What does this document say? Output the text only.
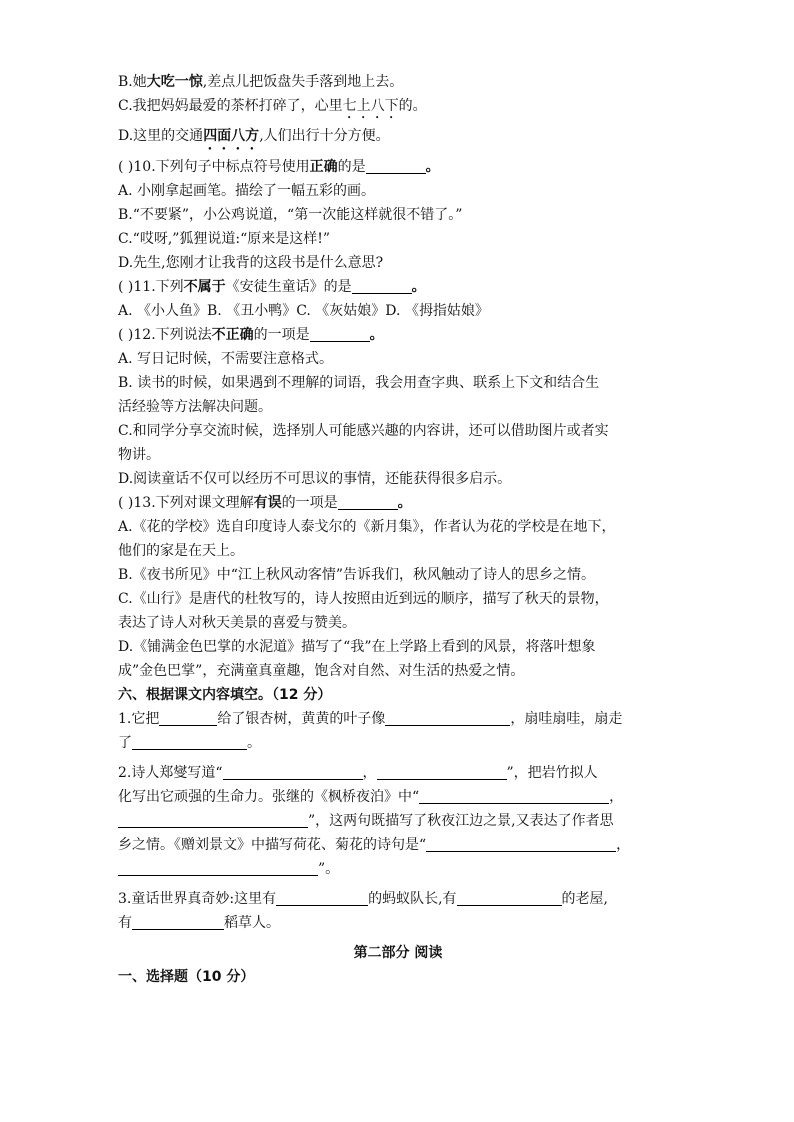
B.她大吃一惊,差点儿把饭盘失手落到地上去。

C.我把妈妈最爱的茶杯打碎了，心里七上八下的。

D.这里的交通四面八方,人们出行十分方便。

( )10.下列句子中标点符号使用正确的是	。

A. 小刚拿起画笔。描绘了一幅五彩的画。

B.“不要紧”，小公鸡说道，“第一次能这样就很不错了。”

C.“哎呀,”狐狸说道:“原来是这样!”

D.先生,您刚才让我背的这段书是什么意思?

( )11.下列不属于《安徒生童话》的是	。

A. 《小人鱼》B. 《丑小鸭》C. 《灰姑娘》D. 《拇指姑娘》

( )12.下列说法不正确的一项是	。

A. 写日记时候，不需要注意格式。

B. 读书的时候，如果遇到不理解的词语，我会用查字典、联系上下文和结合生

活经验等方法解决问题。

C.和同学分享交流时候，选择别人可能感兴趣的内容讲，还可以借助图片或者实

物讲。

D.阅读童话不仅可以经历不可思议的事情，还能获得很多启示。

( )13.下列对课文理解有误的一项是	。

A.《花的学校》选自印度诗人泰戈尔的《新月集》，作者认为花的学校是在地下，

他们的家是在天上。

B.《夜书所见》中“江上秋风动客情”告诉我们，秋风触动了诗人的思乡之情。

C.《山行》是唐代的杜牧写的，诗人按照由近到远的顺序，描写了秋天的景物，

表达了诗人对秋天美景的喜爱与赞美。

D.《铺满金色巴掌的水泥道》描写了“我”在上学路上看到的风景，将落叶想象

成”金色巴掌”，充满童真童趣，饱含对自然、对生活的热爱之情。

六、根据课文内容填空。（12 分）

1.它把	给了银杏树，黄黄的叶子像	，扇哇扇哇，扇走

了	。

2.诗人郑燮写道“	，	”，把岩竹拟人

化写出它顽强的生命力。张继的《枫桥夜泊》中“	，

”，这两句既描写了秋夜江边之景,又表达了作者思

乡之情。《赠刘景文》中描写荷花、菊花的诗句是“	，

”。

3.童话世界真奇妙:这里有	的蚂蚁队长,有	的老屋,

有	稻草人。

第二部分 阅读

一、选择题（10 分）
